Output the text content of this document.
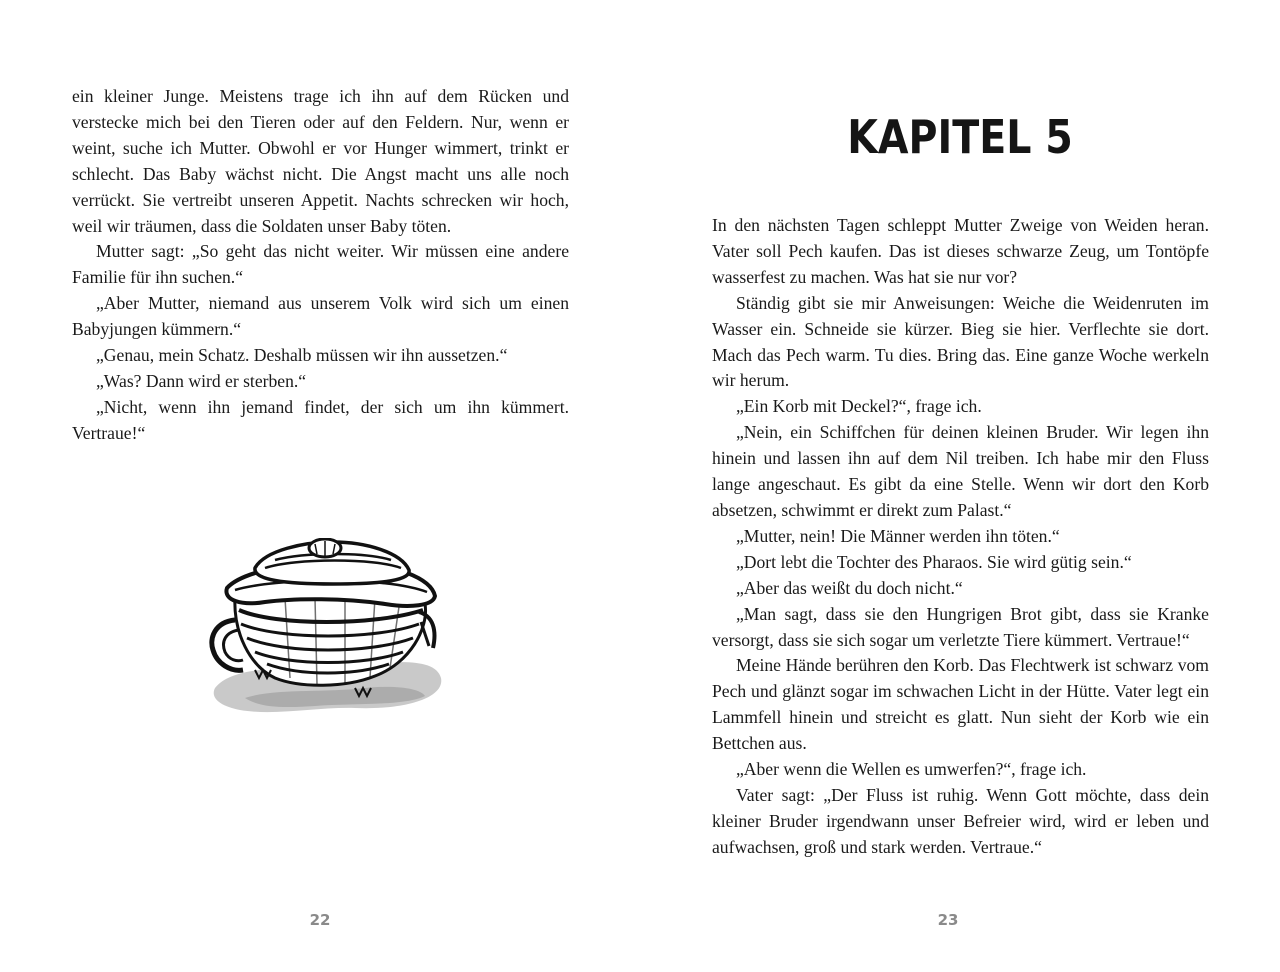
ein kleiner Junge. Meistens trage ich ihn auf dem Rücken und verstecke mich bei den Tieren oder auf den Feldern. Nur, wenn er weint, suche ich Mutter. Obwohl er vor Hunger wimmert, trinkt er schlecht. Das Baby wächst nicht. Die Angst macht uns alle noch verrückt. Sie vertreibt unseren Appetit. Nachts schrecken wir hoch, weil wir träumen, dass die Soldaten unser Baby töten.

Mutter sagt: „So geht das nicht weiter. Wir müssen eine andere Familie für ihn suchen.“

„Aber Mutter, niemand aus unserem Volk wird sich um einen Babyjungen kümmern.“

„Genau, mein Schatz. Deshalb müssen wir ihn aussetzen.“

„Was? Dann wird er sterben.“

„Nicht, wenn ihn jemand findet, der sich um ihn kümmert. Vertraue!“

22
KAPITEL 5

In den nächsten Tagen schleppt Mutter Zweige von Weiden heran. Vater soll Pech kaufen. Das ist dieses schwarze Zeug, um Tontöpfe wasserfest zu machen. Was hat sie nur vor?

Ständig gibt sie mir Anweisungen: Weiche die Weidenruten im Wasser ein. Schneide sie kürzer. Bieg sie hier. Verflechte sie dort. Mach das Pech warm. Tu dies. Bring das. Eine ganze Woche werkeln wir herum.

„Ein Korb mit Deckel?“, frage ich.

„Nein, ein Schiffchen für deinen kleinen Bruder. Wir legen ihn hinein und lassen ihn auf dem Nil treiben. Ich habe mir den Fluss lange angeschaut. Es gibt da eine Stelle. Wenn wir dort den Korb absetzen, schwimmt er direkt zum Palast.“

„Mutter, nein! Die Männer werden ihn töten.“

„Dort lebt die Tochter des Pharaos. Sie wird gütig sein.“

„Aber das weißt du doch nicht.“

„Man sagt, dass sie den Hungrigen Brot gibt, dass sie Kranke versorgt, dass sie sich sogar um verletzte Tiere kümmert. Vertraue!“

Meine Hände berühren den Korb. Das Flechtwerk ist schwarz vom Pech und glänzt sogar im schwachen Licht in der Hütte. Vater legt ein Lammfell hinein und streicht es glatt. Nun sieht der Korb wie ein Bettchen aus.

„Aber wenn die Wellen es umwerfen?“, frage ich.

Vater sagt: „Der Fluss ist ruhig. Wenn Gott möchte, dass dein kleiner Bruder irgendwann unser Befreier wird, wird er leben und aufwachsen, groß und stark werden. Vertraue.“

23
